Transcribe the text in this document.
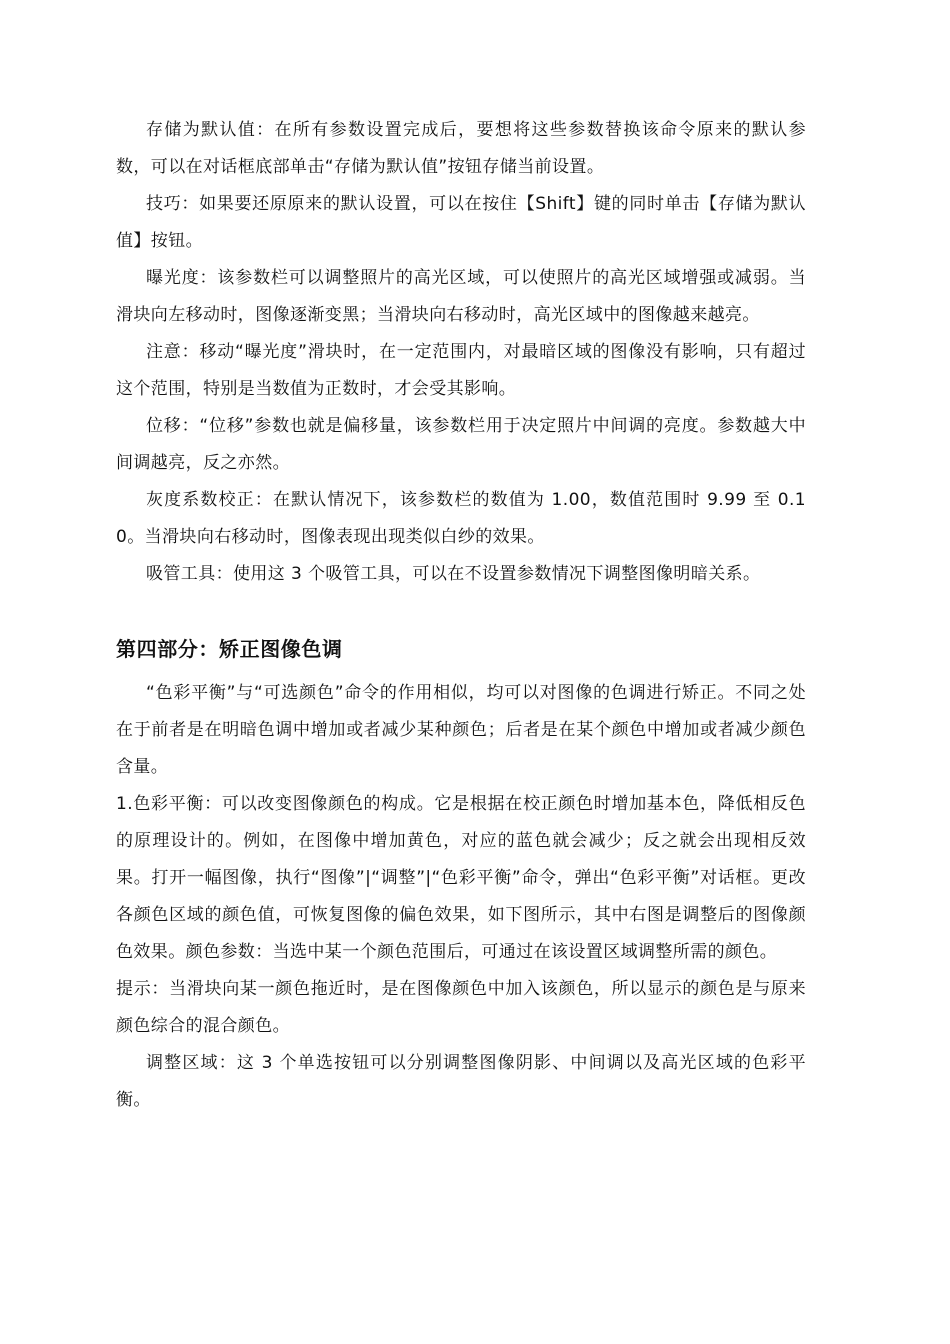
存储为默认值：在所有参数设置完成后，要想将这些参数替换该命令原来的默认参数，可以在对话框底部单击“存储为默认值”按钮存储当前设置。

技巧：如果要还原原来的默认设置，可以在按住【Shift】键的同时单击【存储为默认值】按钮。

曝光度：该参数栏可以调整照片的高光区域，可以使照片的高光区域增强或减弱。当滑块向左移动时，图像逐渐变黑；当滑块向右移动时，高光区域中的图像越来越亮。

注意：移动“曝光度”滑块时，在一定范围内，对最暗区域的图像没有影响，只有超过这个范围，特别是当数值为正数时，才会受其影响。

位移：“位移”参数也就是偏移量，该参数栏用于决定照片中间调的亮度。参数越大中间调越亮，反之亦然。

灰度系数校正：在默认情况下，该参数栏的数值为 1.00，数值范围时 9.99 至 0.10。当滑块向右移动时，图像表现出现类似白纱的效果。

吸管工具：使用这 3 个吸管工具，可以在不设置参数情况下调整图像明暗关系。

第四部分：矫正图像色调

“色彩平衡”与“可选颜色”命令的作用相似，均可以对图像的色调进行矫正。不同之处在于前者是在明暗色调中增加或者减少某种颜色；后者是在某个颜色中增加或者减少颜色含量。

1.色彩平衡：可以改变图像颜色的构成。它是根据在校正颜色时增加基本色，降低相反色的原理设计的。例如，在图像中增加黄色，对应的蓝色就会减少；反之就会出现相反效果。打开一幅图像，执行“图像”|“调整”|“色彩平衡”命令，弹出“色彩平衡”对话框。更改各颜色区域的颜色值，可恢复图像的偏色效果，如下图所示，其中右图是调整后的图像颜色效果。颜色参数：当选中某一个颜色范围后，可通过在该设置区域调整所需的颜色。

提示：当滑块向某一颜色拖近时，是在图像颜色中加入该颜色，所以显示的颜色是与原来颜色综合的混合颜色。

调整区域：这 3 个单选按钮可以分别调整图像阴影、中间调以及高光区域的色彩平衡。
